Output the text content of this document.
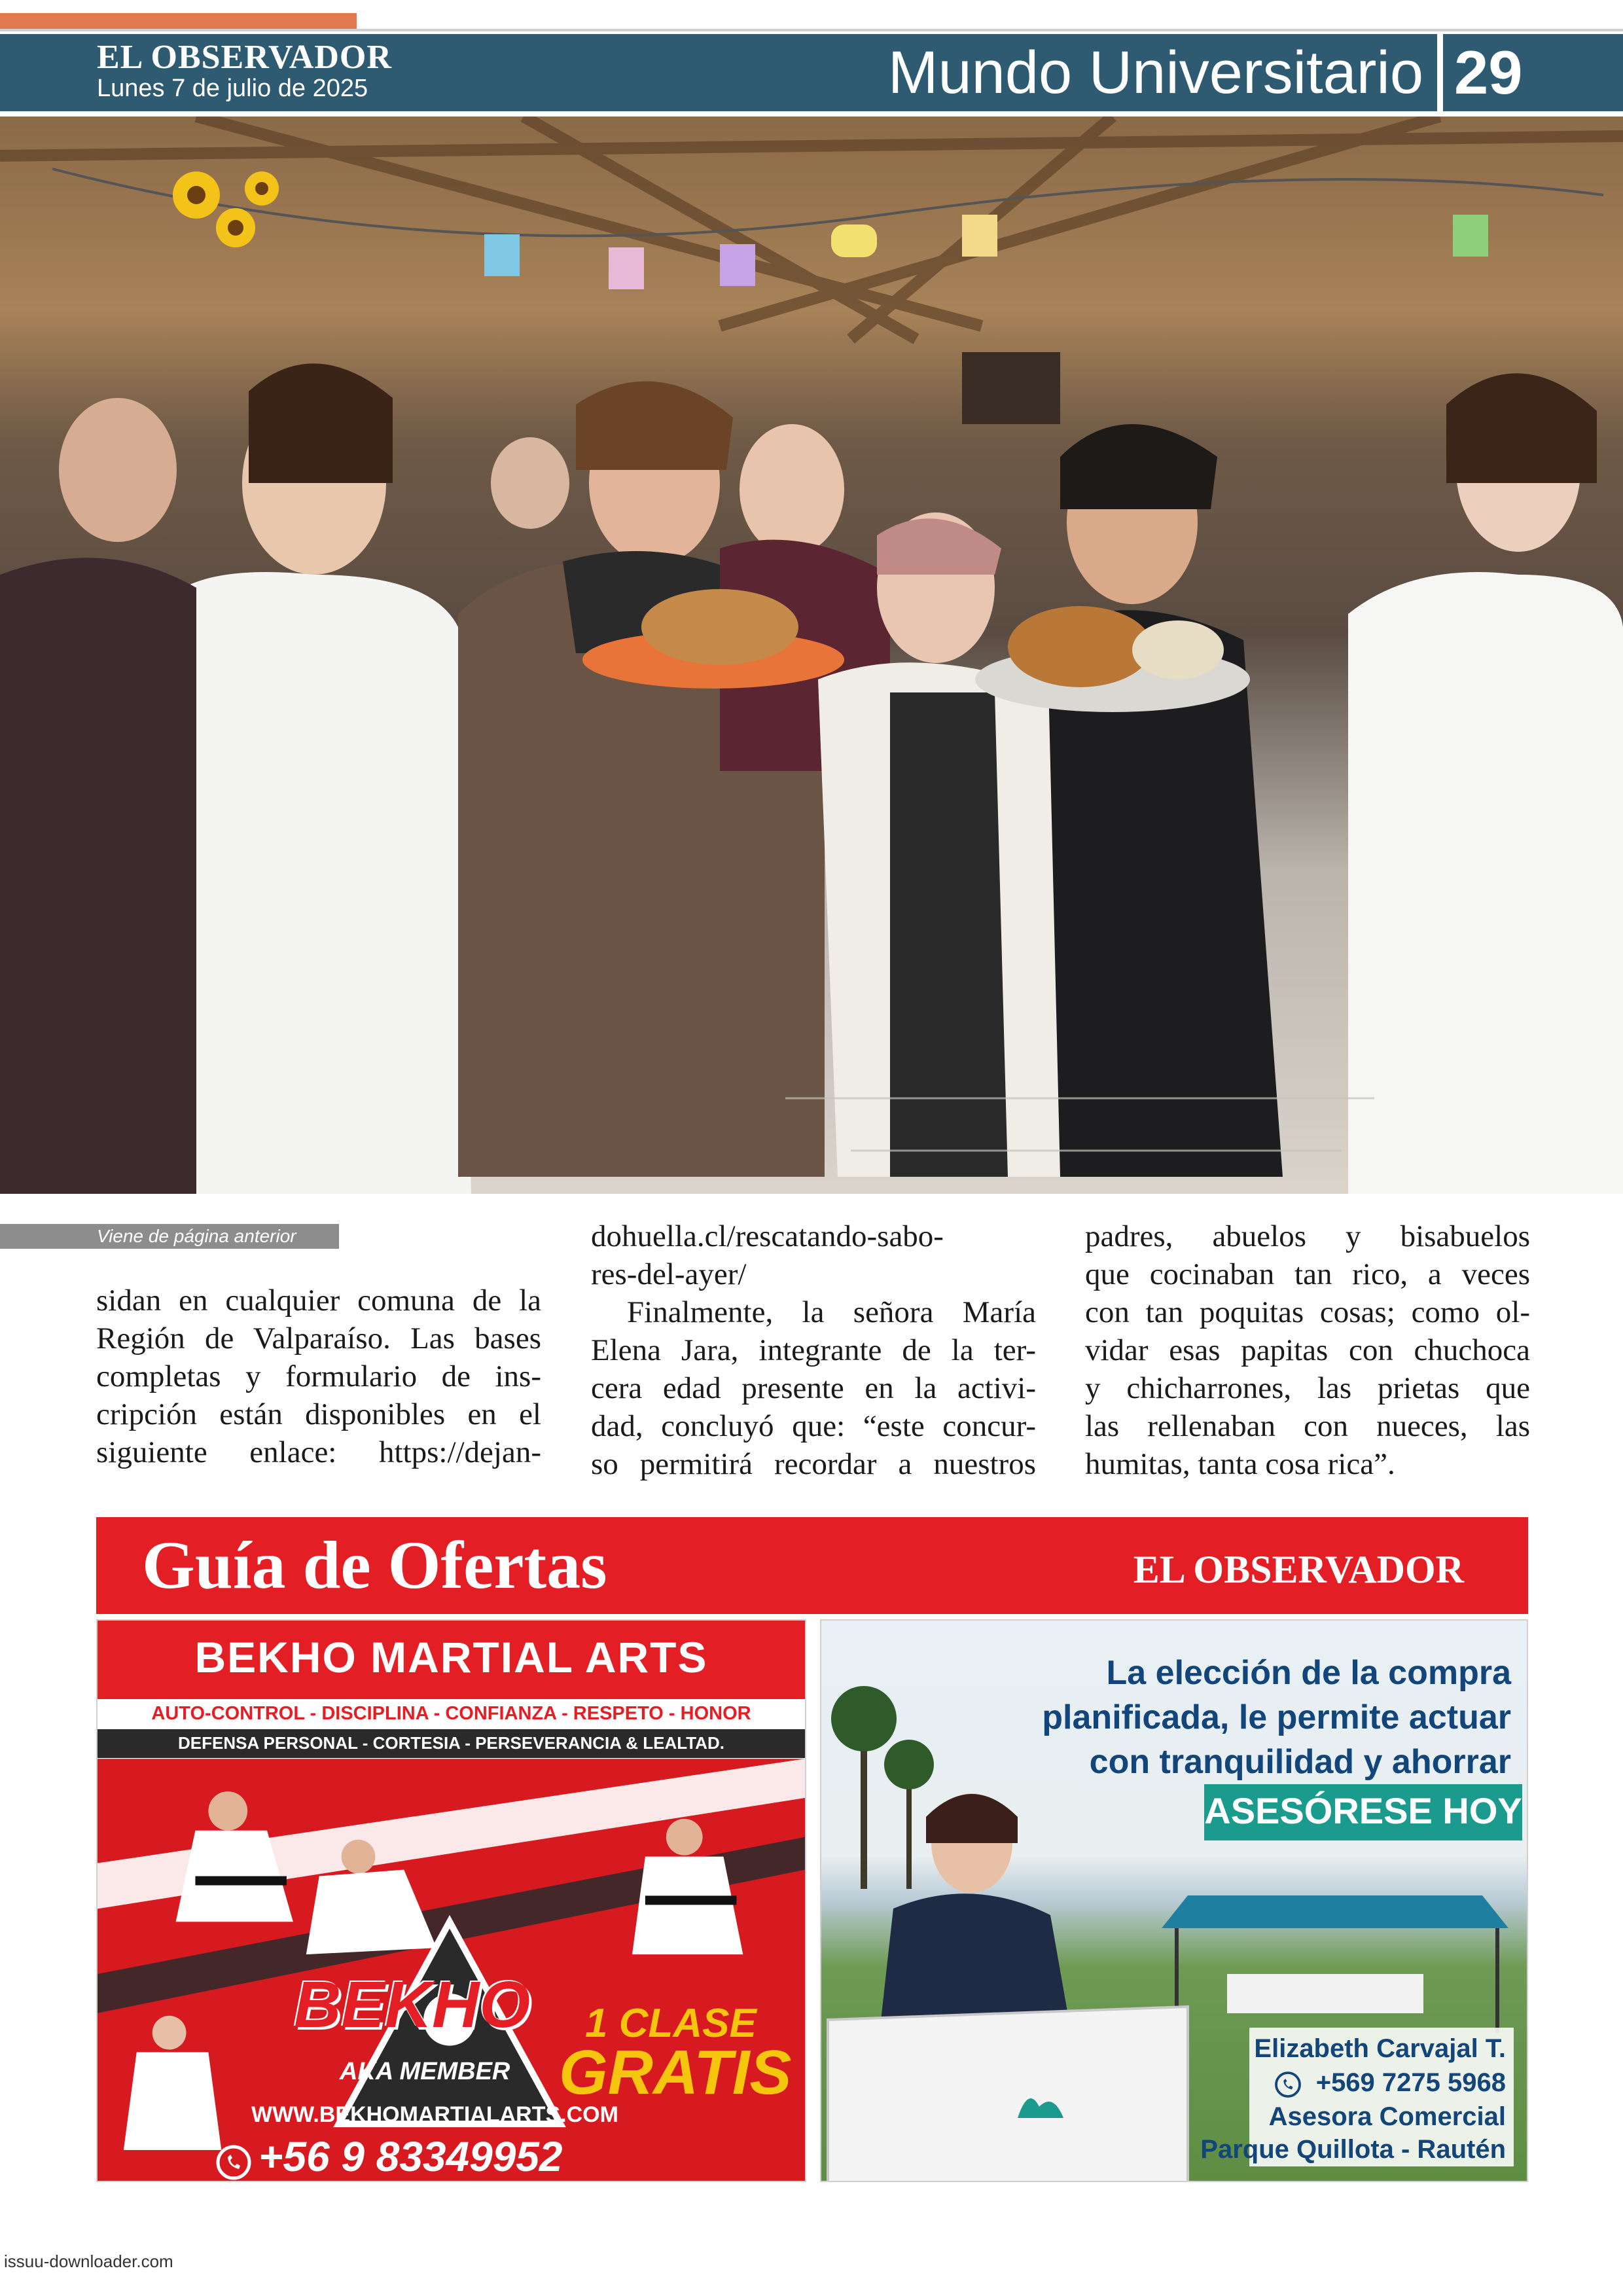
EL OBSERVADOR
Lunes 7 de julio de 2025	Mundo Universitario 29
Viene de página anterior
sidan en cualquier comuna de la
Región de Valparaíso. Las bases
completas y formulario de ins-
cripción están disponibles en el
siguiente enlace: https://dejan-
dohuella.cl/rescatando-sabo-
res-del-ayer/
Finalmente, la señora María
Elena Jara, integrante de la ter-
cera edad presente en la activi-
dad, concluyó que: “este concur-
so permitirá recordar a nuestros
padres, abuelos y bisabuelos
que cocinaban tan rico, a veces
con tan poquitas cosas; como ol-
vidar esas papitas con chuchoca
y chicharrones, las prietas que
las rellenaban con nueces, las
humitas, tanta cosa rica”.
Guía de Ofertas	EL OBSERVADOR
BEKHO MARTIAL ARTS
AUTO-CONTROL - DISCIPLINA - CONFIANZA - RESPETO - HONOR
DEFENSA PERSONAL - CORTESIA - PERSEVERANCIA & LEALTAD.
BEKHO
AKA MEMBER
1 CLASE
GRATIS
WWW.BEKHOMARTIALARTS.COM
+56 9 83349952
La elección de la compra
planificada, le permite actuar
con tranquilidad y ahorrar
ASESÓRESE HOY
Elizabeth Carvajal T.
+569 7275 5968
Asesora Comercial
Parque Quillota - Rautén
issuu-downloader.com
